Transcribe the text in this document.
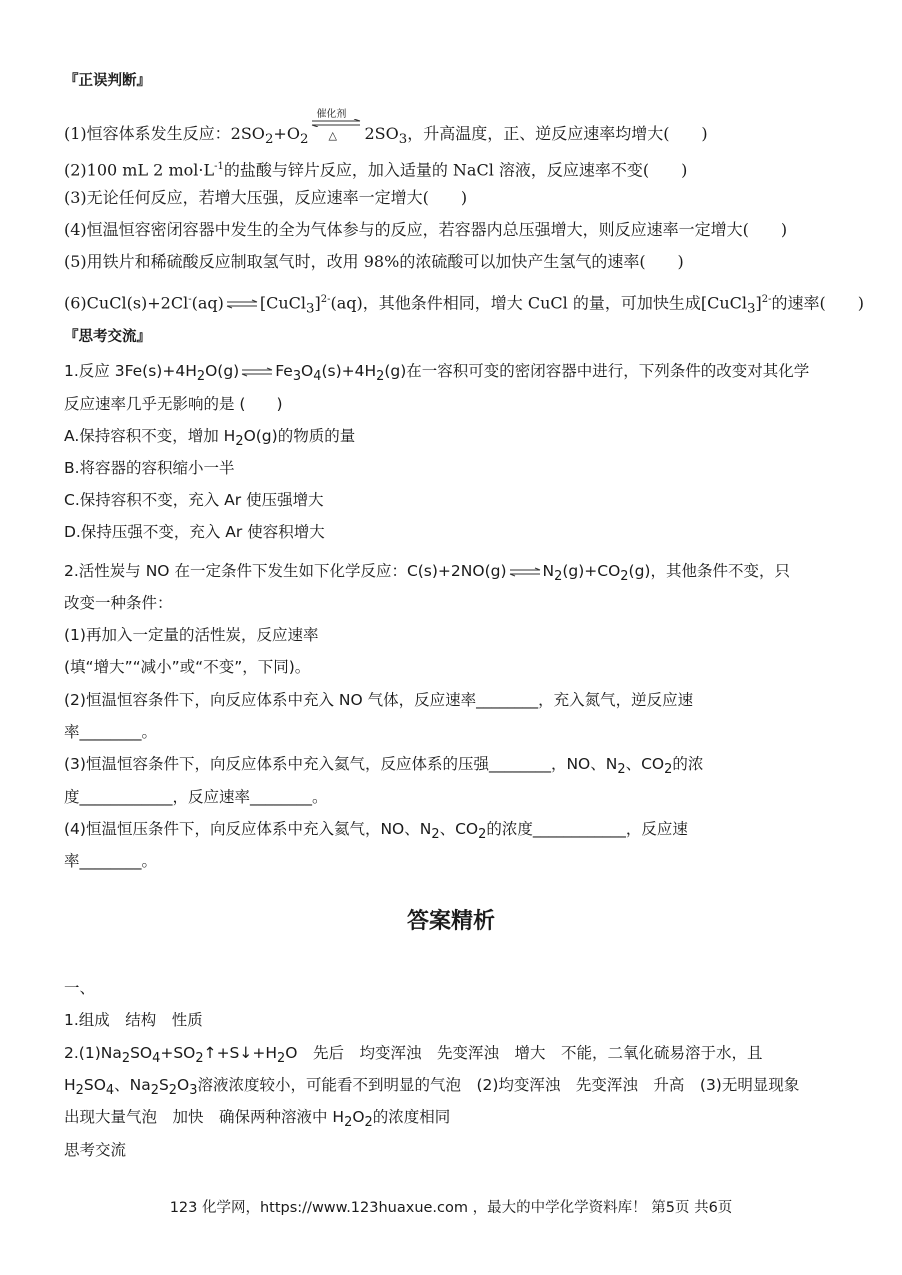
『正误判断』
(1)恒容体系发生反应：$2SO_2+O_2$
催化剂
△ $2SO_3$，升高温度，正、逆反应速率均增大(　　)
(2)100 mL 2 $mol\cdot L^{-1}$的盐酸与锌片反应，加入适量的 NaCl 溶液，反应速率不变(　　)
(3)无论任何反应，若增大压强，反应速率一定增大(　　)
(4)恒温恒容密闭容器中发生的全为气体参与的反应，若容器内总压强增大，则反应速率一定增大(　　)
(5)用铁片和稀硫酸反应制取氢气时，改用 98%的浓硫酸可以加快产生氢气的速率(　　)
(6)CuCl(s)+2Cl-(aq) ⇌ [CuCl$_3$]$^{2-}$(aq)，其他条件相同，增大 CuCl 的量，可加快生成[CuCl$_3$]$^{2-}$的速率(　　)
『思考交流』
1.反应 $3Fe(s)+4H_2O(g)$ ⇌ $Fe_3O_4(s)+4H_2(g)$在一容积可变的密闭容器中进行，下列条件的改变对其化学
反应速率几乎无影响的是 (　　)
A.保持容积不变，增加 $H_2O(g)$的物质的量
B.将容器的容积缩小一半
C.保持容积不变，充入 Ar 使压强增大
D.保持压强不变，充入 Ar 使容积增大
2.活性炭与 NO 在一定条件下发生如下化学反应：C(s)+2NO(g) ⇌ $N_2(g)+CO_2(g)$，其他条件不变，只
改变一种条件：
(1)再加入一定量的活性炭，反应速率
(填“增大”“减小”或“不变”，下同)。
(2)恒温恒容条件下，向反应体系中充入 NO 气体，反应速率________，充入氮气，逆反应速
率________。
(3)恒温恒容条件下，向反应体系中充入氦气，反应体系的压强________，NO、$N_2$、$CO_2$的浓
度____________，反应速率________。
(4)恒温恒压条件下，向反应体系中充入氦气，NO、$N_2$、$CO_2$的浓度____________，反应速
率________。
答案精析
一、
1.组成　结构　性质
$2.(1)Na_2SO_4+SO_2↑+S↓+H_2O$　先后　均变浑浊　先变浑浊　增大　不能，二氧化硫易溶于水，且
$H_2SO_4$、$Na_2S_2O_3$溶液浓度较小，可能看不到明显的气泡　(2)均变浑浊　先变浑浊　升高　(3)无明显现象
出现大量气泡　加快　确保两种溶液中 $H_2O_2$的浓度相同
思考交流
123 化学网，https://www.123huaxue.com ，最大的中学化学资料库！ 第5页 共6页
